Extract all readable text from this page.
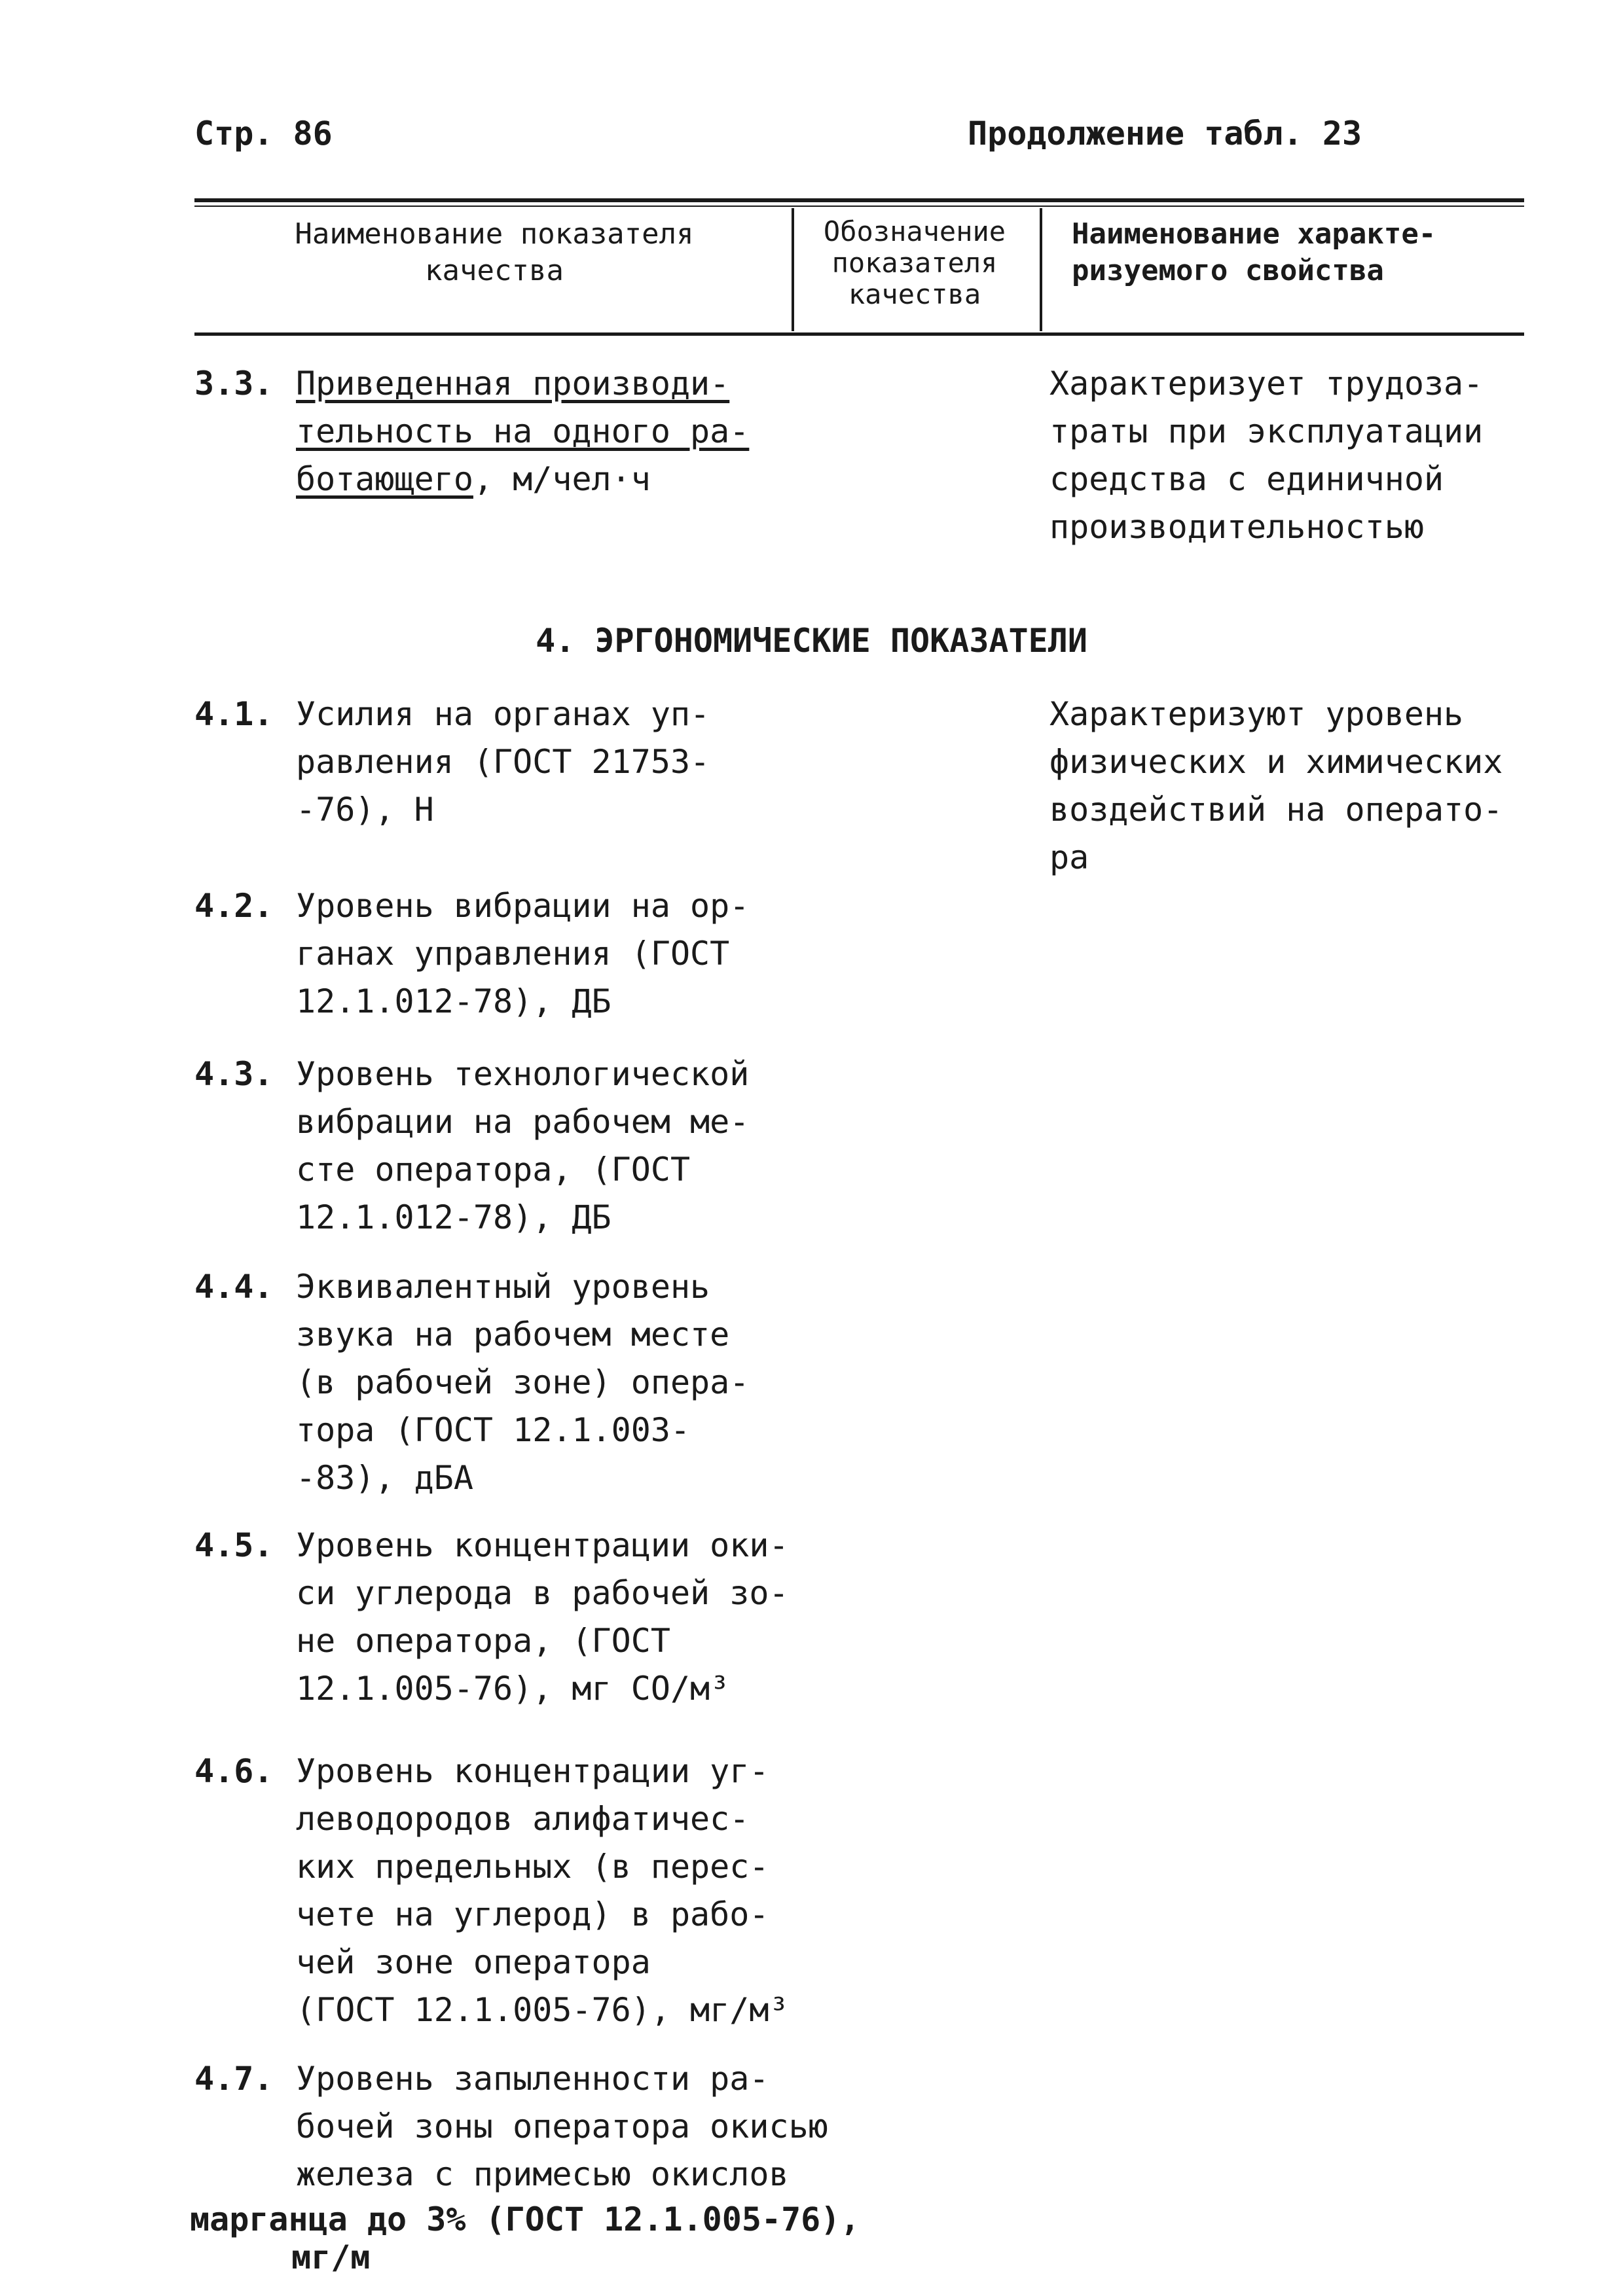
Стр. 86	Продолжение табл. 23
Наименование показателя
качества
Обозначение
показателя
качества
Наименование характе-
ризуемого свойства
3.3. Приведенная производи-
тельность на одного ра-
ботающего, м/чел·ч
Характеризует трудоза-
траты при эксплуатации
средства с единичной
производительностью
4. ЭРГОНОМИЧЕСКИЕ ПОКАЗАТЕЛИ
Характеризуют уровень
физических и химических
воздействий на операто-
ра
4.1. Усилия на органах уп-
равления (ГОСТ 21753-
-76), Н
4.2. Уровень вибрации на ор-
ганах управления (ГОСТ
12.1.012-78), ДБ
4.3. Уровень технологической
вибрации на рабочем ме-
сте оператора, (ГОСТ
12.1.012-78), ДБ
4.4. Эквивалентный уровень
звука на рабочем месте
(в рабочей зоне) опера-
тора (ГОСТ 12.1.003-
-83), дБА
4.5. Уровень концентрации оки-
си углерода в рабочей зо-
не оператора, (ГОСТ
12.1.005-76), мг СО/м³
4.6. Уровень концентрации уг-
леводородов алифатичес-
ких предельных (в перес-
чете на углерод) в рабо-
чей зоне оператора
(ГОСТ 12.1.005-76), мг/м³
4.7. Уровень запыленности ра-
бочей зоны оператора окисью
железа с примесью окислов
марганца до 3% (ГОСТ 12.1.005-76),
мг/м
